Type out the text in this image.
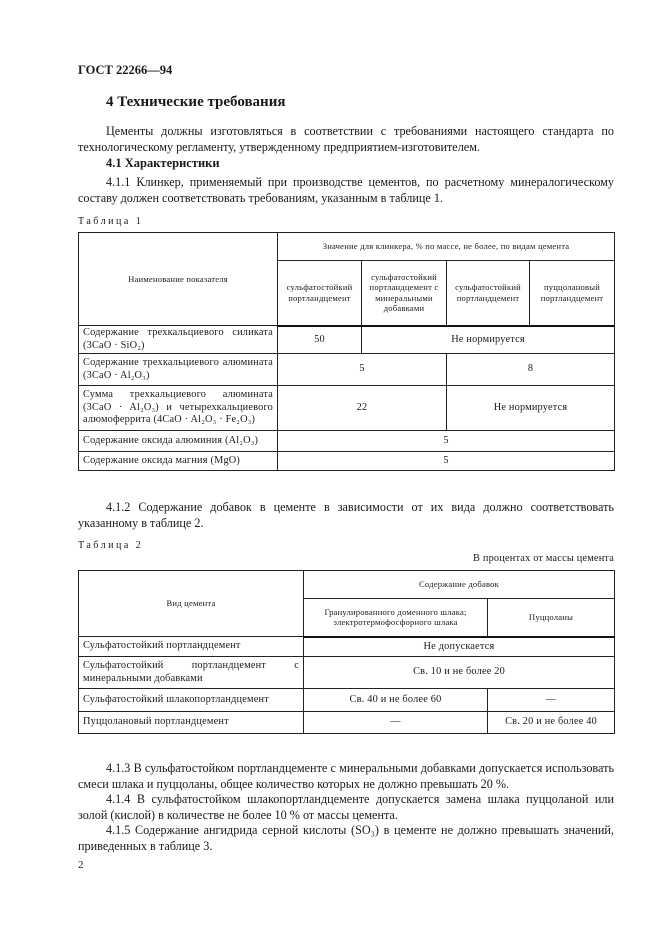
ГОСТ 22266—94
4 Технические требования
Цементы должны изготовляться в соответствии с требованиями настоящего стандарта по технологическому регламенту, утвержденному предприятием-изготовителем.
4.1 Характеристики
4.1.1 Клинкер, применяемый при производстве цементов, по расчетному минералогическому составу должен соответствовать требованиям, указанным в таблице 1.
Таблица 1
Наименование показателя	Значение для клинкера, % по массе, не более, по видам цемента			
	сульфатостойкий портландцемент	сульфатостойкий портландцемент с минеральными добавками	сульфатостойкий портландцемент	пуццолановый портландцемент
Содержание трехкальциевого силиката (3CaO · SiO₂)	50	Не нормируется		
Содержание трехкальциевого алюмината (3CaO · Al₂O₃)	5		8	
Сумма трехкальциевого алюмината (3CaO · Al₂O₃) и четырехкальциевого алюмоферрита (4CaO · Al₂O₃ · Fe₂O₃)	22		Не нормируется	
Содержание оксида алюминия (Al₂O₃)	5			
Содержание оксида магния (MgO)	5			
4.1.2 Содержание добавок в цементе в зависимости от их вида должно соответствовать указанному в таблице 2.
Таблица 2
В процентах от массы цемента
Вид цемента	Содержание добавок	
	Гранулированного доменного шлака; электротермофосфорного шлака	Пуццоланы
Сульфатостойкий портландцемент	Не допускается	
Сульфатостойкий портландцемент с минеральными добавками	Св. 10 и не более 20	
Сульфатостойкий шлакопортландцемент	Св. 40 и не более 60	—
Пуццолановый портландцемент	—	Св. 20 и не более 40
4.1.3 В сульфатостойком портландцементе с минеральными добавками допускается использовать смеси шлака и пуццоланы, общее количество которых не должно превышать 20 %.
4.1.4 В сульфатостойком шлакопортландцементе допускается замена шлака пуццоланой или золой (кислой) в количестве не более 10 % от массы цемента.
4.1.5 Содержание ангидрида серной кислоты (SO₃) в цементе не должно превышать значений, приведенных в таблице 3.
2
